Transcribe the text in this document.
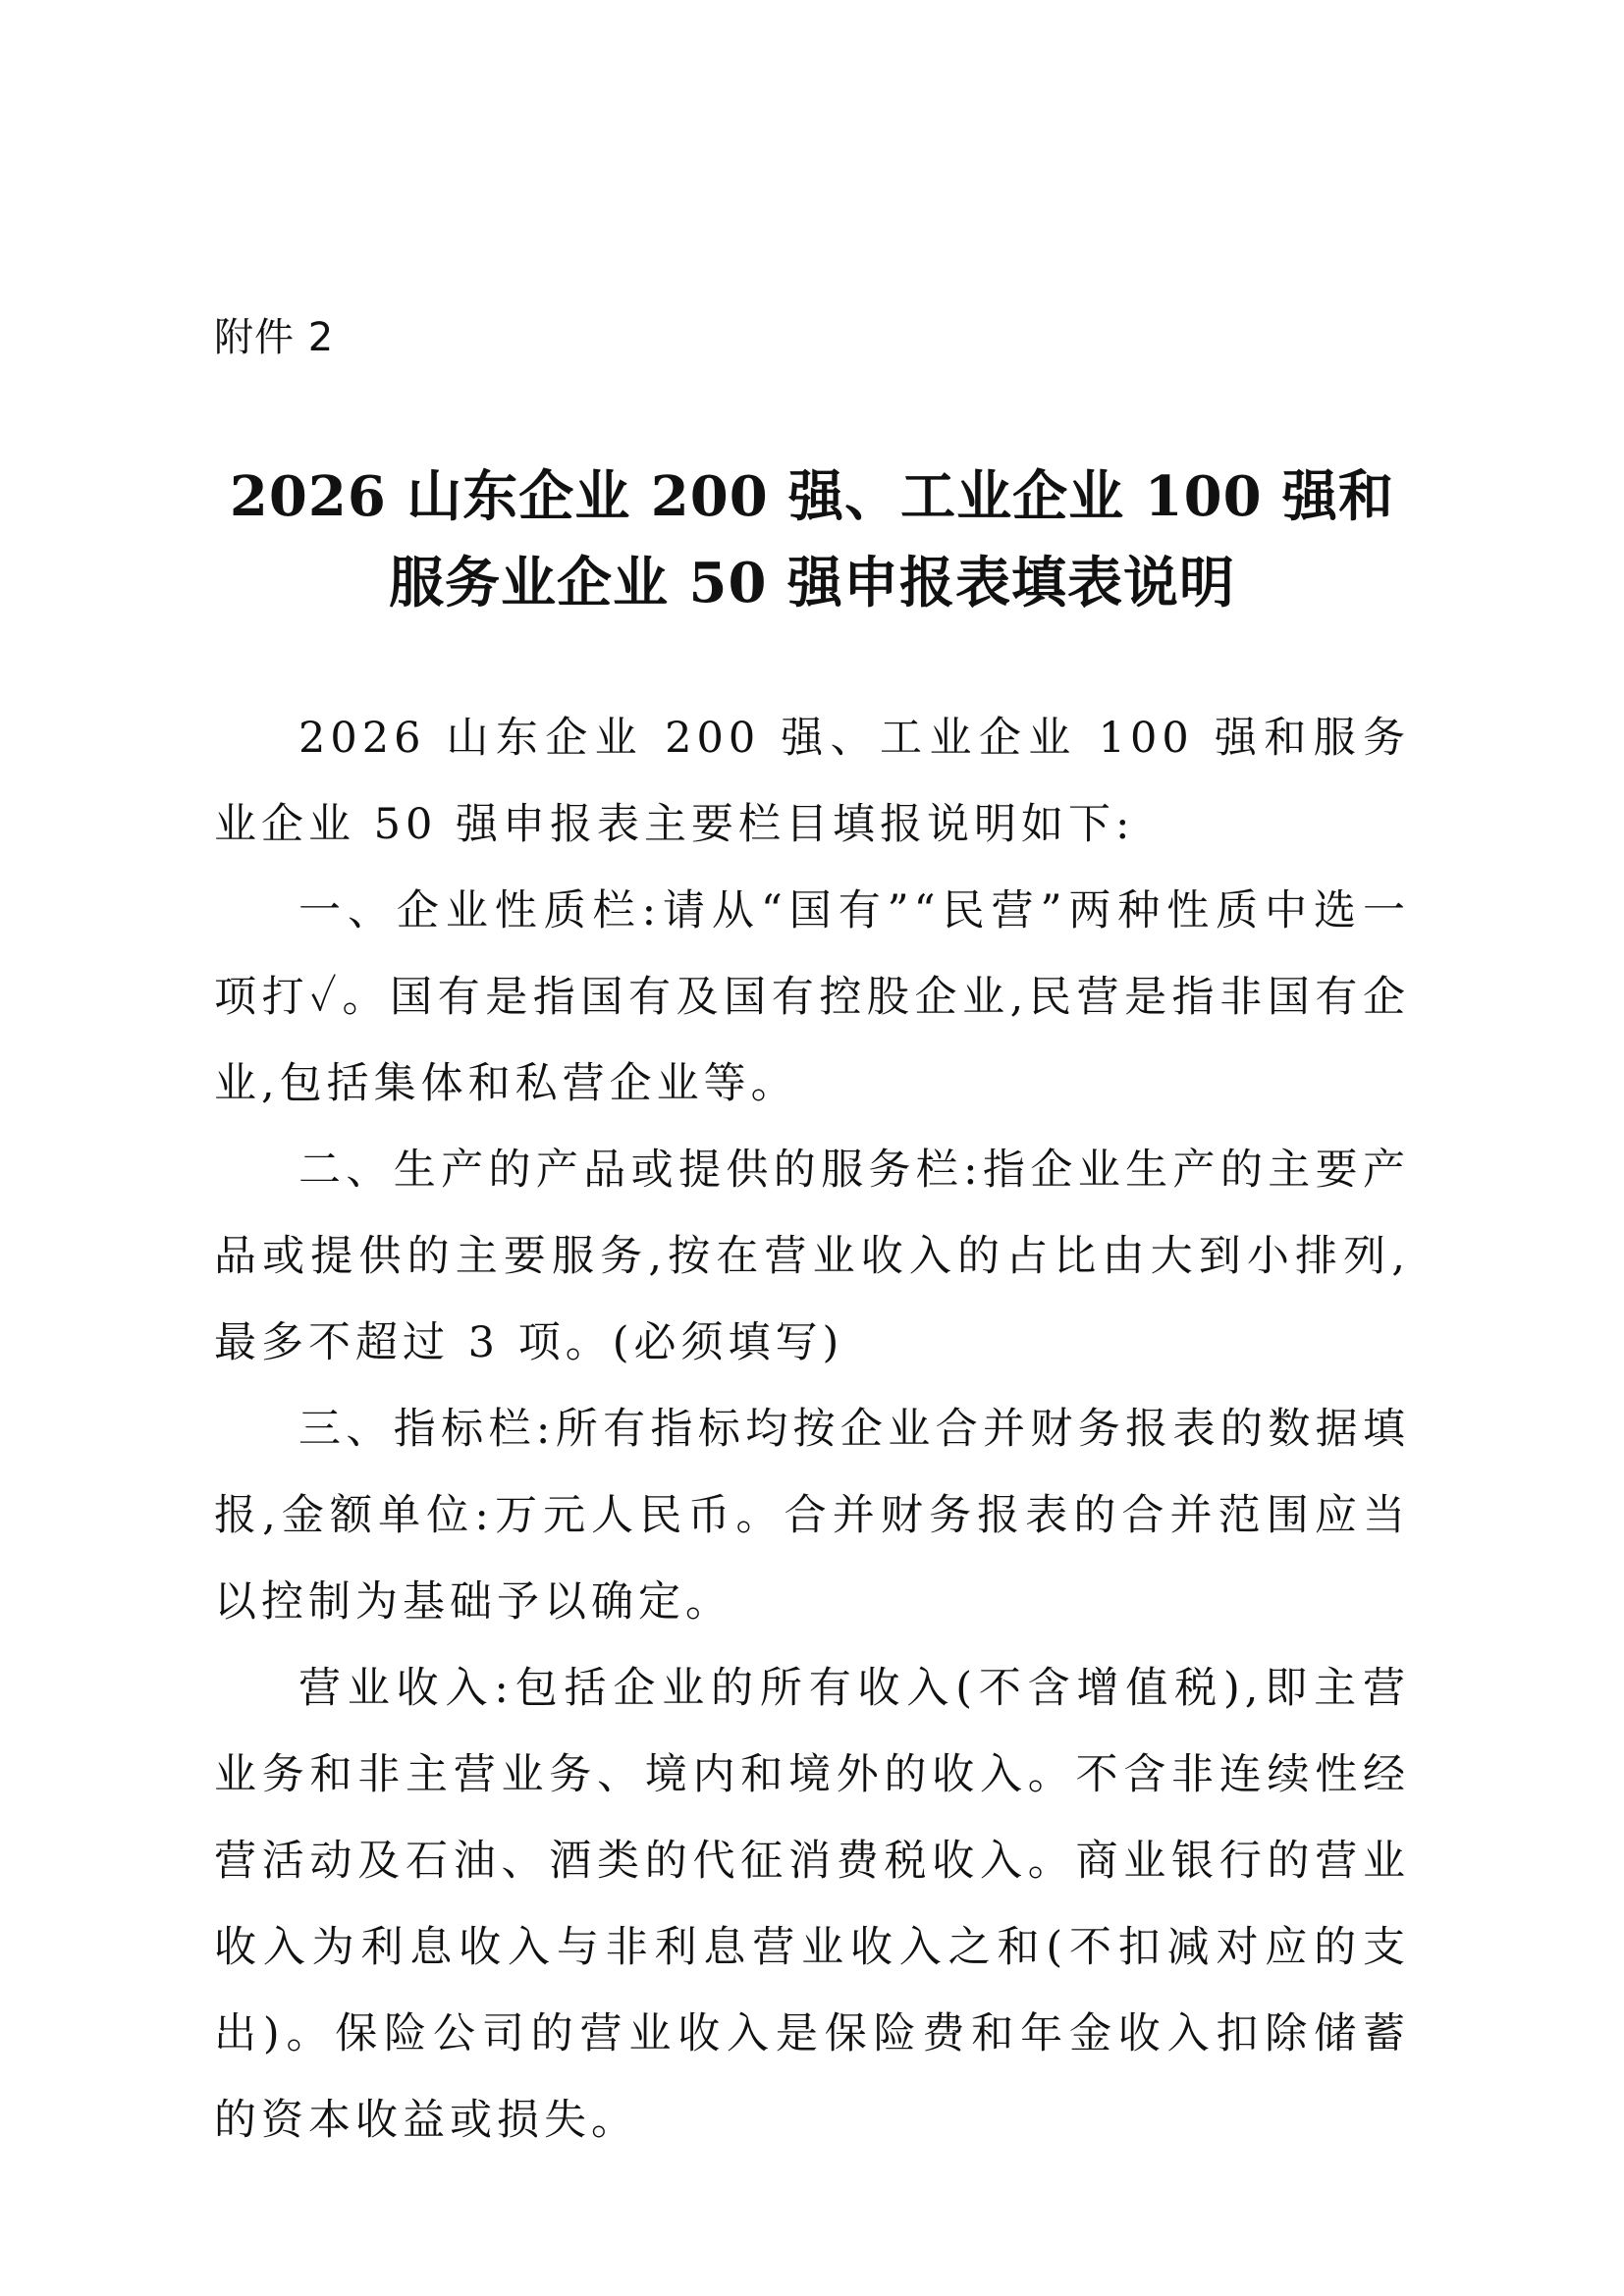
附件 2
2026 山东企业 200 强、工业企业 100 强和
服务业企业 50 强申报表填表说明

2026 山东企业 200 强、工业企业 100 强和服务业企业 50 强申报表主要栏目填报说明如下:

一、企业性质栏:请从“国有”“民营”两种性质中选一项打✓。国有是指国有及国有控股企业,民营是指非国有企业,包括集体和私营企业等。

二、生产的产品或提供的服务栏:指企业生产的主要产品或提供的主要服务,按在营业收入的占比由大到小排列,最多不超过 3 项。(必须填写)

三、指标栏:所有指标均按企业合并财务报表的数据填报,金额单位:万元人民币。合并财务报表的合并范围应当以控制为基础予以确定。

营业收入:包括企业的所有收入(不含增值税),即主营业务和非主营业务、境内和境外的收入。不含非连续性经营活动及石油、酒类的代征消费税收入。商业银行的营业收入为利息收入与非利息营业收入之和(不扣减对应的支出)。保险公司的营业收入是保险费和年金收入扣除储蓄的资本收益或损失。
